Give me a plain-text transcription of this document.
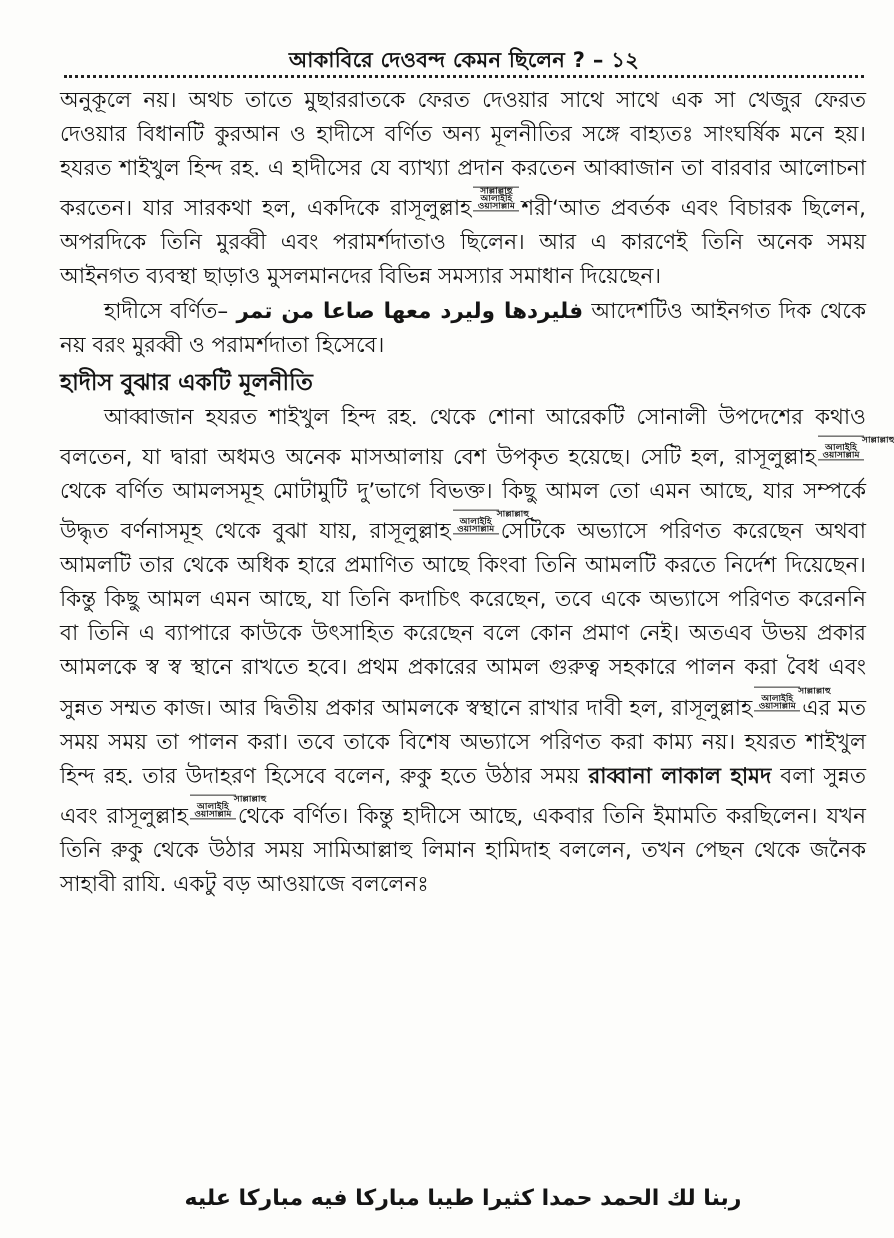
আকাবিরে দেওবন্দ কেমন ছিলেন ? – ১২

অনুকূলে নয়। অথচ তাতে মুছাররাতকে ফেরত দেওয়ার সাথে সাথে এক সা খেজুর ফেরত দেওয়ার বিধানটি কুরআন ও হাদীসে বর্ণিত অন্য মূলনীতির সঙ্গে বাহ্যতঃ সাংঘর্ষিক মনে হয়। হযরত শাইখুল হিন্দ রহ. এ হাদীসের যে ব্যাখ্যা প্রদান করতেন আব্বাজান তা বারবার আলোচনা করতেন। যার সারকথা হল, একদিকে রাসূলুল্লাহসাল্লাল্লাহু আলাইহি ওয়াসাল্লাম শরী‘আত প্রবর্তক এবং বিচারক ছিলেন, অপরদিকে তিনি মুরব্বী এবং পরামর্শদাতাও ছিলেন। আর এ কারণেই তিনি অনেক সময় আইনগত ব্যবস্থা ছাড়াও মুসলমানদের বিভিন্ন সমস্যার সমাধান দিয়েছেন।

হাদীসে বর্ণিত– فليردها وليرد معها صاعا من تمر আদেশটিও আইনগত দিক থেকে নয় বরং মুরব্বী ও পরামর্শদাতা হিসেবে।

হাদীস বুঝার একটি মূলনীতি

আব্বাজান হযরত শাইখুল হিন্দ রহ. থেকে শোনা আরেকটি সোনালী উপদেশের কথাও বলতেন, যা দ্বারা অধমও অনেক মাসআলায় বেশ উপকৃত হয়েছে। সেটি হল, রাসূলুল্লাহসাল্লাল্লাহু আলাইহি ওয়াসাল্লামথেকে বর্ণিত আমলসমূহ মোটামুটি দু’ভাগে বিভক্ত। কিছু আমল তো এমন আছে, যার সম্পর্কে উদ্ধৃত বর্ণনাসমূহ থেকে বুঝা যায়, রাসূলুল্লাহসাল্লাল্লাহু আলাইহি ওয়াসাল্লাম সেটিকে অভ্যাসে পরিণত করেছেন অথবা আমলটি তার থেকে অধিক হারে প্রমাণিত আছে কিংবা তিনি আমলটি করতে নির্দেশ দিয়েছেন। কিন্তু কিছু আমল এমন আছে, যা তিনি কদাচিৎ করেছেন, তবে একে অভ্যাসে পরিণত করেননি বা তিনি এ ব্যাপারে কাউকে উৎসাহিত করেছেন বলে কোন প্রমাণ নেই। অতএব উভয় প্রকার আমলকে স্ব স্ব স্থানে রাখতে হবে। প্রথম প্রকারের আমল গুরুত্ব সহকারে পালন করা বৈধ এবং সুন্নত সম্মত কাজ। আর দ্বিতীয় প্রকার আমলকে স্বস্থানে রাখার দাবী হল, রাসূলুল্লাহসাল্লাল্লাহু আলাইহি ওয়াসাল্লাম এর মত সময় সময় তা পালন করা। তবে তাকে বিশেষ অভ্যাসে পরিণত করা কাম্য নয়। হযরত শাইখুল হিন্দ রহ. তার উদাহরণ হিসেবে বলেন, রুকু হতে উঠার সময় রাব্বানা লাকাল হামদ বলা সুন্নত এবং রাসূলুল্লাহসাল্লাল্লাহু আলাইহি ওয়াসাল্লাম থেকে বর্ণিত। কিন্তু হাদীসে আছে, একবার তিনি ইমামতি করছিলেন। যখন তিনি রুকু থেকে উঠার সময় সামিআল্লাহু লিমান হামিদাহ বললেন, তখন পেছন থেকে জনৈক সাহাবী রাযি. একটু বড় আওয়াজে বললেনঃ

ربنا لك الحمد حمدا كثيرا طيبا مباركا فيه مباركا عليه
